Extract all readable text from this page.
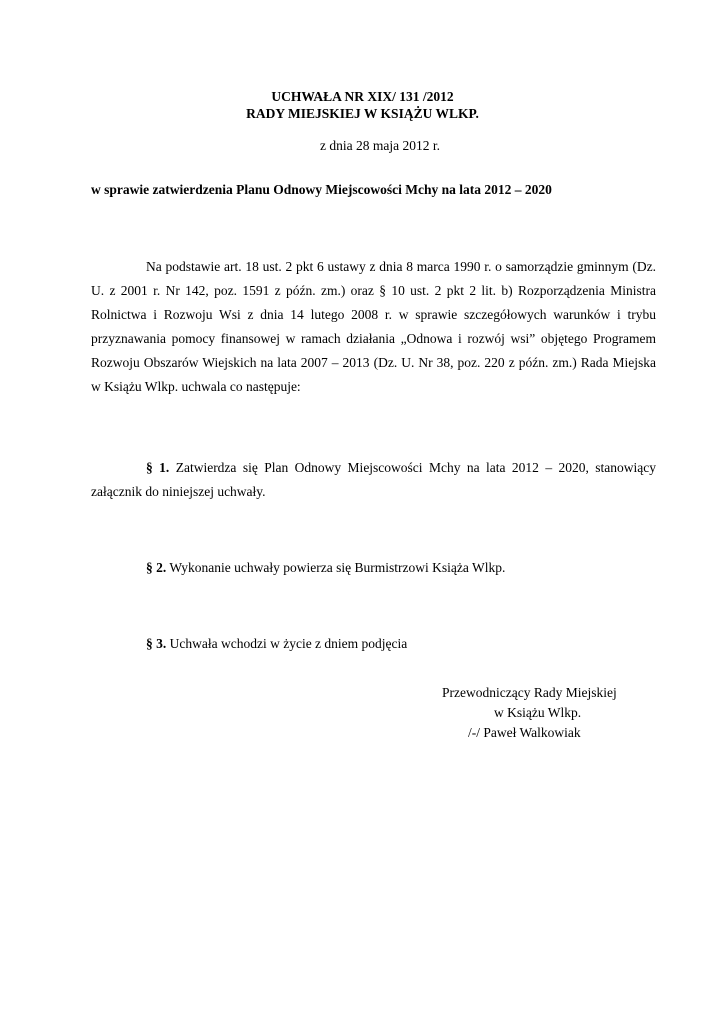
UCHWAŁA NR XIX/ 131 /2012

RADY MIEJSKIEJ W KSIĄŻU WLKP.

z dnia 28 maja 2012 r.

w sprawie zatwierdzenia Planu Odnowy Miejscowości Mchy na lata 2012 – 2020

Na podstawie art. 18 ust. 2 pkt 6 ustawy z dnia 8 marca 1990 r. o samorządzie gminnym (Dz. U. z 2001 r. Nr 142, poz. 1591 z późn. zm.) oraz § 10 ust. 2 pkt 2 lit. b) Rozporządzenia Ministra Rolnictwa i Rozwoju Wsi z dnia 14 lutego 2008 r. w sprawie szczegółowych warunków i trybu przyznawania pomocy finansowej w ramach działania „Odnowa i rozwój wsi” objętego Programem Rozwoju Obszarów Wiejskich na lata 2007 – 2013 (Dz. U. Nr 38, poz. 220 z późn. zm.) Rada Miejska w Książu Wlkp. uchwala co następuje:

§ 1. Zatwierdza się Plan Odnowy Miejscowości Mchy na lata 2012 – 2020, stanowiący załącznik do niniejszej uchwały.

§ 2. Wykonanie uchwały powierza się Burmistrzowi Książa Wlkp.

§ 3. Uchwała wchodzi w życie z dniem podjęcia

Przewodniczący Rady Miejskiej

w Książu Wlkp.

/-/ Paweł Walkowiak
